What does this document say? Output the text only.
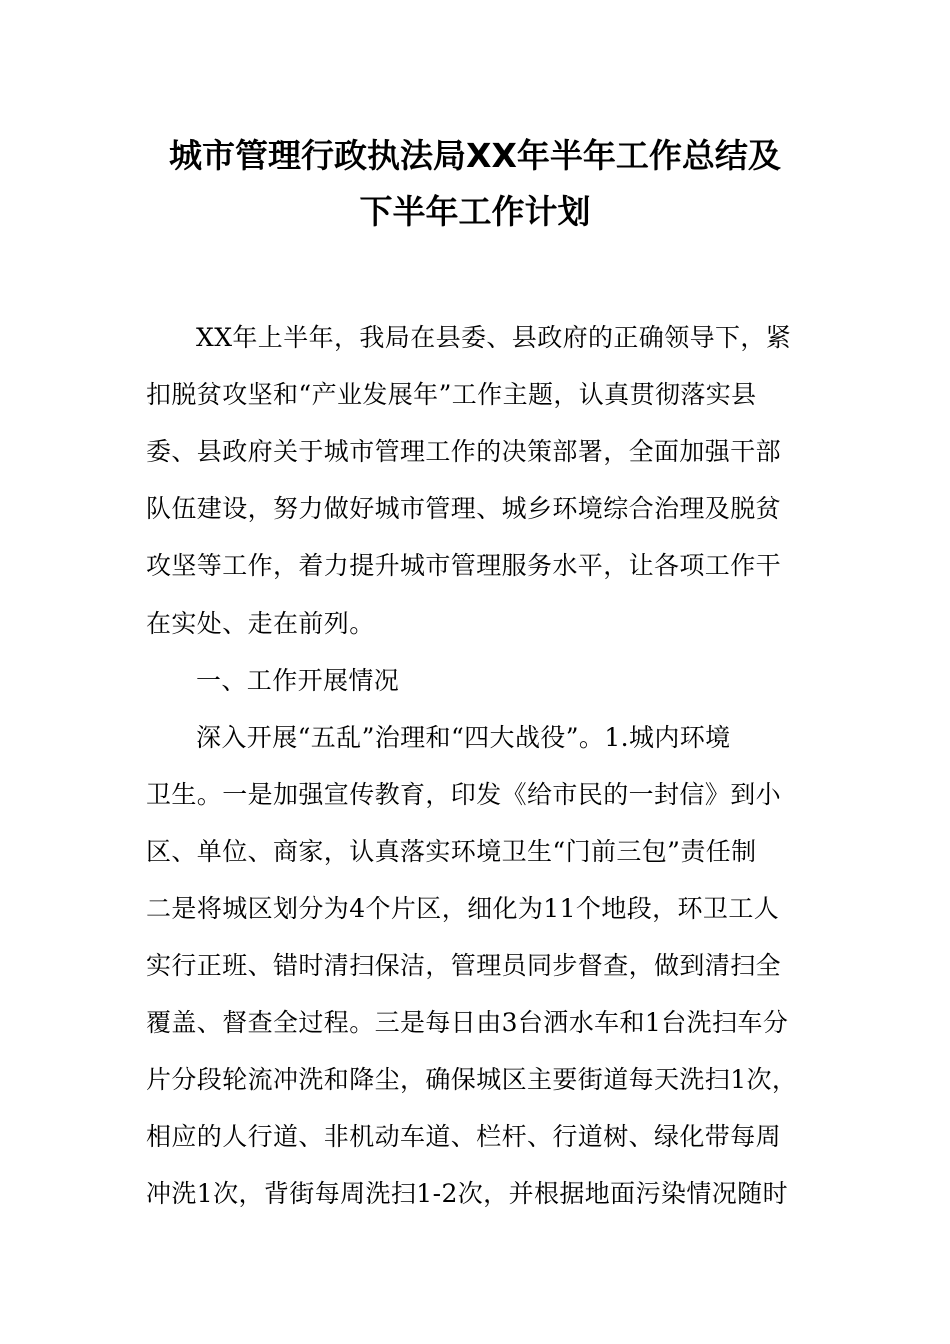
城市管理行政执法局XX年半年工作总结及
下半年工作计划
XX年上半年，我局在县委、县政府的正确领导下，紧
扣脱贫攻坚和“产业发展年”工作主题，认真贯彻落实县
委、县政府关于城市管理工作的决策部署，全面加强干部
队伍建设，努力做好城市管理、城乡环境综合治理及脱贫
攻坚等工作，着力提升城市管理服务水平，让各项工作干
在实处、走在前列。
一、工作开展情况
深入开展“五乱”治理和“四大战役”。1.城内环境
卫生。一是加强宣传教育，印发《给市民的一封信》到小
区、单位、商家，认真落实环境卫生“门前三包”责任制
二是将城区划分为4个片区，细化为11个地段，环卫工人
实行正班、错时清扫保洁，管理员同步督查，做到清扫全
覆盖、督查全过程。三是每日由3台洒水车和1台洗扫车分
片分段轮流冲洗和降尘，确保城区主要街道每天洗扫1次，
相应的人行道、非机动车道、栏杆、行道树、绿化带每周
冲洗1次，背街每周洗扫1-2次，并根据地面污染情况随时
